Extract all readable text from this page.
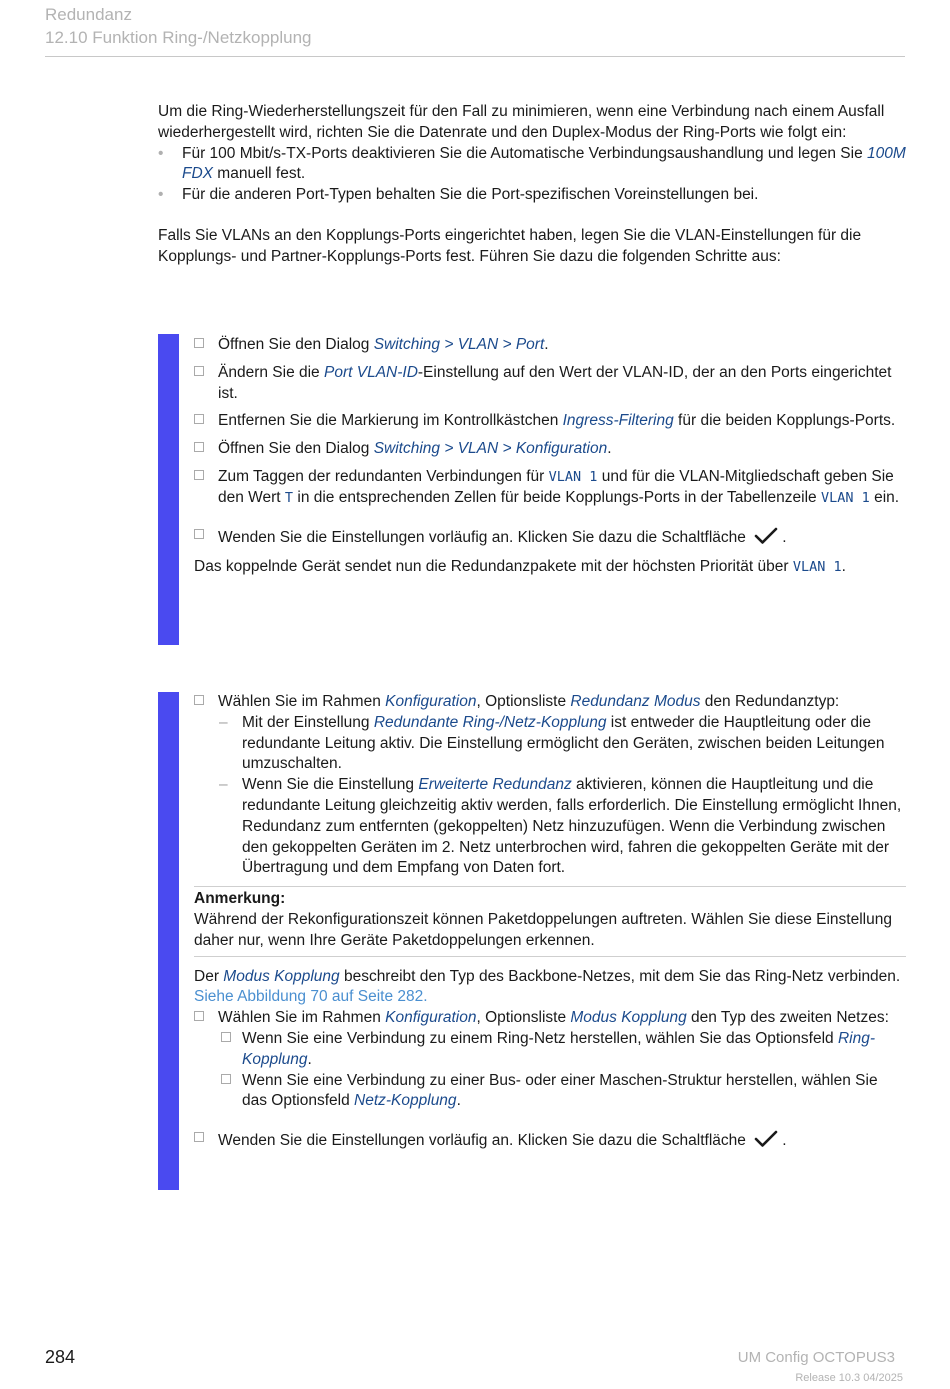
Redundanz
12.10 Funktion Ring-/Netzkopplung

Um die Ring-Wiederherstellungszeit für den Fall zu minimieren, wenn eine Verbindung nach einem Ausfall wiederhergestellt wird, richten Sie die Datenrate und den Duplex-Modus der Ring-Ports wie folgt ein:

• Für 100 Mbit/s-TX-Ports deaktivieren Sie die Automatische Verbindungsaushandlung und legen Sie 100M FDX manuell fest.
• Für die anderen Port-Typen behalten Sie die Port-spezifischen Voreinstellungen bei.

Falls Sie VLANs an den Kopplungs-Ports eingerichtet haben, legen Sie die VLAN-Einstellungen für die Kopplungs- und Partner-Kopplungs-Ports fest. Führen Sie dazu die folgenden Schritte aus:

Öffnen Sie den Dialog Switching > VLAN > Port.
Ändern Sie die Port VLAN-ID-Einstellung auf den Wert der VLAN-ID, der an den Ports eingerichtet ist.
Entfernen Sie die Markierung im Kontrollkästchen Ingress-Filtering für die beiden Kopplungs-Ports.
Öffnen Sie den Dialog Switching > VLAN > Konfiguration.
Zum Taggen der redundanten Verbindungen für VLAN 1 und für die VLAN-Mitgliedschaft geben Sie den Wert T in die entsprechenden Zellen für beide Kopplungs-Ports in der Tabellenzeile VLAN 1 ein.
Wenden Sie die Einstellungen vorläufig an. Klicken Sie dazu die Schaltfläche .

Das koppelnde Gerät sendet nun die Redundanzpakete mit der höchsten Priorität über VLAN 1.

Wählen Sie im Rahmen Konfiguration, Optionsliste Redundanz Modus den Redundanztyp:
– Mit der Einstellung Redundante Ring-/Netz-Kopplung ist entweder die Hauptleitung oder die redundante Leitung aktiv. Die Einstellung ermöglicht den Geräten, zwischen beiden Leitungen umzuschalten.
– Wenn Sie die Einstellung Erweiterte Redundanz aktivieren, können die Hauptleitung und die redundante Leitung gleichzeitig aktiv werden, falls erforderlich. Die Einstellung ermöglicht Ihnen, Redundanz zum entfernten (gekoppelten) Netz hinzuzufügen. Wenn die Verbindung zwischen den gekoppelten Geräten im 2. Netz unterbrochen wird, fahren die gekoppelten Geräte mit der Übertragung und dem Empfang von Daten fort.
Anmerkung:
Während der Rekonfigurationszeit können Paketdoppelungen auftreten. Wählen Sie diese Einstellung daher nur, wenn Ihre Geräte Paketdoppelungen erkennen.

Der Modus Kopplung beschreibt den Typ des Backbone-Netzes, mit dem Sie das Ring-Netz verbinden. Siehe Abbildung 70 auf Seite 282.

Wählen Sie im Rahmen Konfiguration, Optionsliste Modus Kopplung den Typ des zweiten Netzes:
Wenn Sie eine Verbindung zu einem Ring-Netz herstellen, wählen Sie das Optionsfeld Ring-Kopplung.
Wenn Sie eine Verbindung zu einer Bus- oder einer Maschen-Struktur herstellen, wählen Sie das Optionsfeld Netz-Kopplung.
Wenden Sie die Einstellungen vorläufig an. Klicken Sie dazu die Schaltfläche .
284	UM Config OCTOPUS3
Release 10.3 04/2025
